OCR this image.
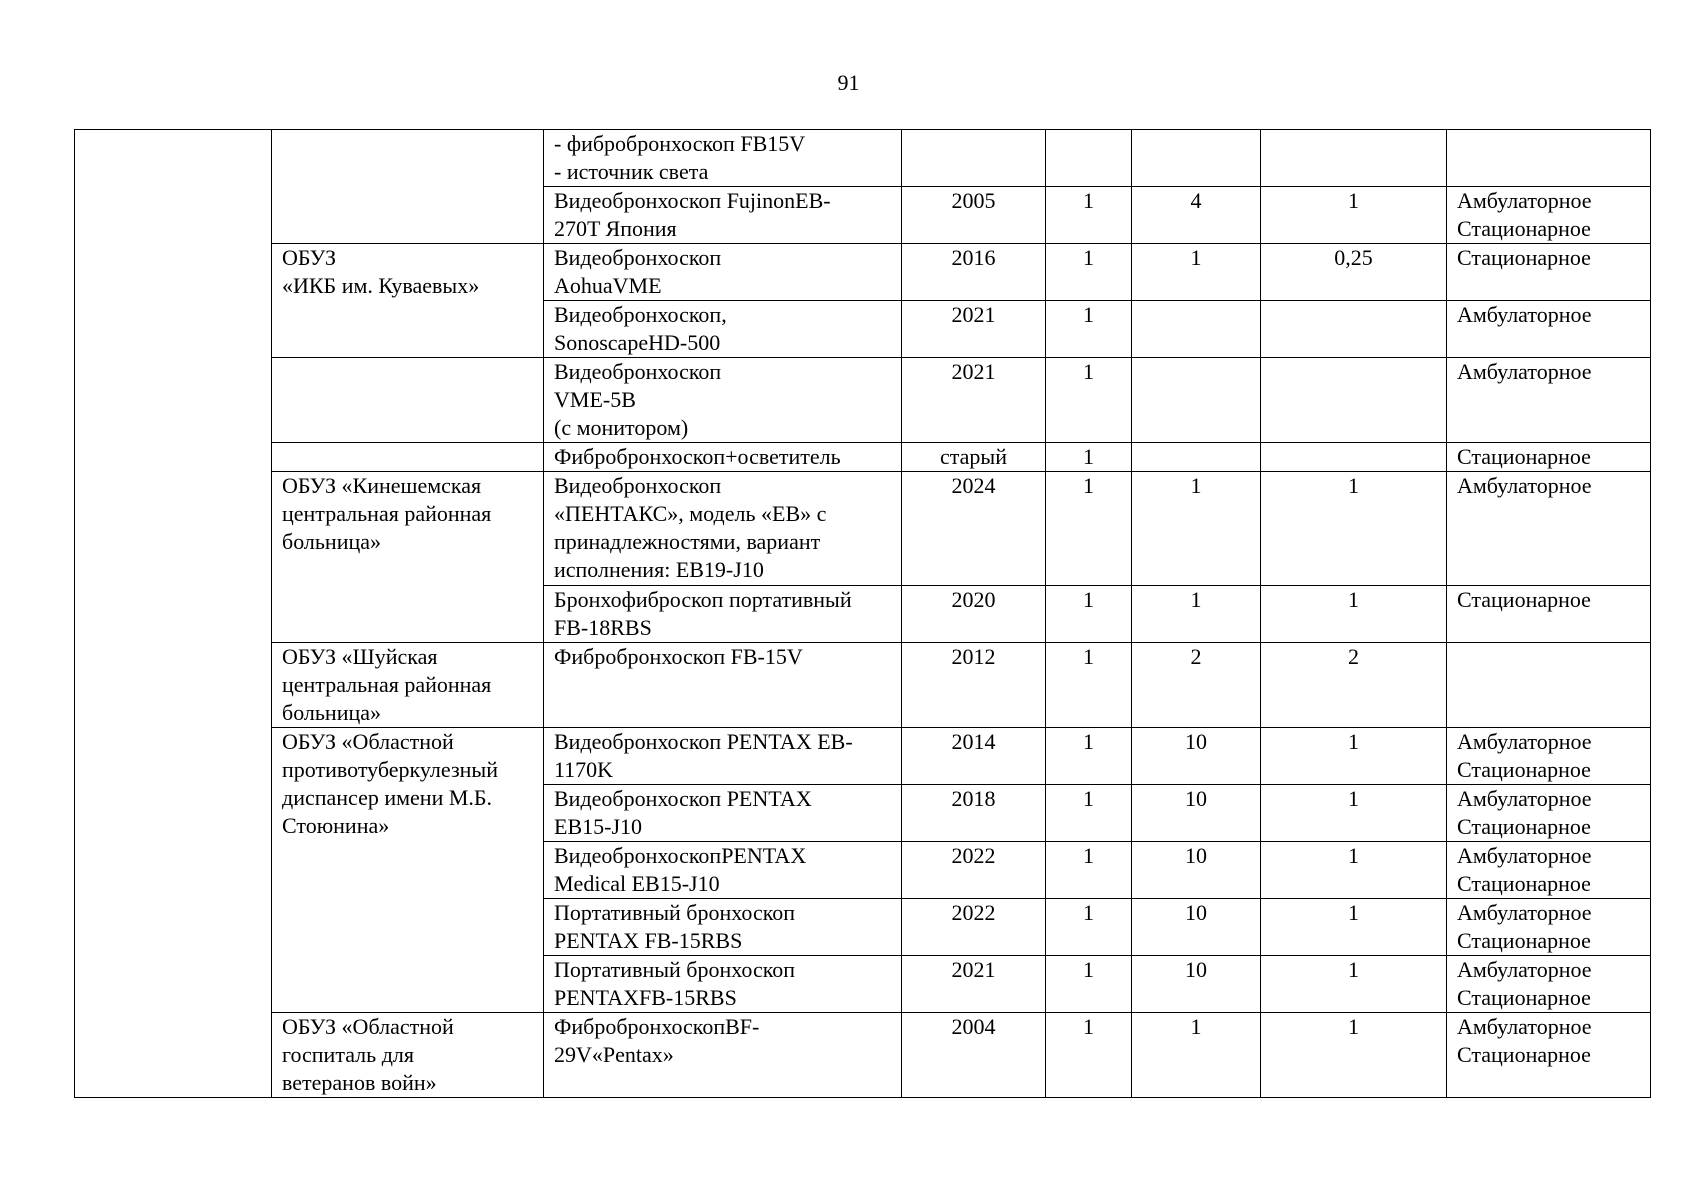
91

		- фибробронхоскоп FB15V
- источник света					

		Видеобронхоскоп FujinonEB-
270T Япония	2005	1	4	1	Амбулаторное
Стационарное

	ОБУЗ
«ИКБ им. Куваевых»	Видеобронхоскоп
AohuaVME	2016	1	1	0,25	Стационарное

		Видеобронхоскоп,
SonoscapeHD-500	2021	1			Амбулаторное

		Видеобронхоскоп
VME-5B
(с монитором)	2021	1			Амбулаторное

		Фибробронхоскоп+осветитель	старый	1			Стационарное

	ОБУЗ «Кинешемская
центральная районная
больница»	Видеобронхоскоп
«ПЕНТАКС», модель «EB» с
принадлежностями, вариант
исполнения: EB19-J10	2024	1	1	1	Амбулаторное

		Бронхофиброскоп портативный
FB-18RBS	2020	1	1	1	Стационарное

	ОБУЗ «Шуйская
центральная районная
больница»	Фибробронхоскоп FB-15V	2012	1	2	2	

	ОБУЗ «Областной
противотуберкулезный
диспансер имени М.Б.
Стоюнина»	Видеобронхоскоп PENTAX EB-
1170K	2014	1	10	1	Амбулаторное
Стационарное

		Видеобронхоскоп PENTAX
EB15-J10	2018	1	10	1	Амбулаторное
Стационарное

		ВидеобронхоскопPENTAX
Medical EB15-J10	2022	1	10	1	Амбулаторное
Стационарное

		Портативный бронхоскоп
PENTAX FB-15RBS	2022	1	10	1	Амбулаторное
Стационарное

		Портативный бронхоскоп
PENTAXFB-15RBS	2021	1	10	1	Амбулаторное
Стационарное

	ОБУЗ «Областной
госпиталь для
ветеранов войн»	ФибробронхоскопBF-
29V«Pentax»	2004	1	1	1	Амбулаторное
Стационарное
